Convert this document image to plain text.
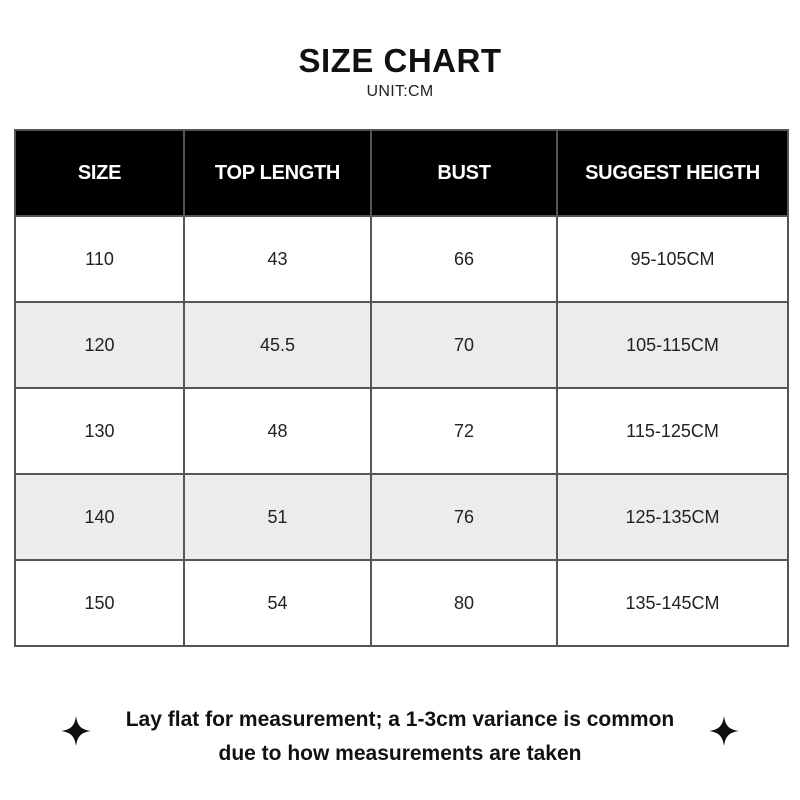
SIZE CHART
UNIT:CM
SIZE	TOP LENGTH	BUST	SUGGEST HEIGTH
110	43	66	95-105CM
120	45.5	70	105-115CM
130	48	72	115-125CM
140	51	76	125-135CM
150	54	80	135-145CM
Lay flat for measurement; a 1-3cm variance is common
due to how measurements are taken
